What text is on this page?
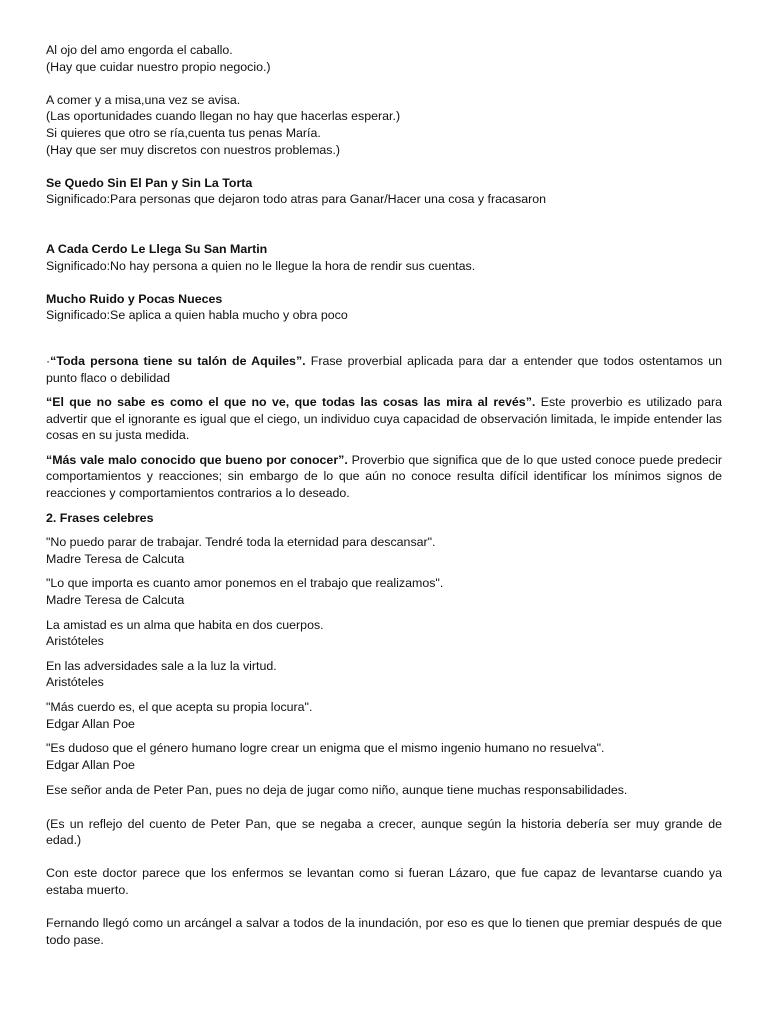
Al ojo del amo engorda el caballo.
(Hay que cuidar nuestro propio negocio.)
A comer y a misa,una vez se avisa.
(Las oportunidades cuando llegan no hay que hacerlas esperar.)
Si quieres que otro se ría,cuenta tus penas María.
(Hay que ser muy discretos con nuestros problemas.)
Se Quedo Sin El Pan y Sin La Torta
Significado:Para personas que dejaron todo atras para Ganar/Hacer una cosa y fracasaron
A Cada Cerdo Le Llega Su San Martin
Significado:No hay persona a quien no le llegue la hora de rendir sus cuentas.
Mucho Ruido y Pocas Nueces
Significado:Se aplica a quien habla mucho y obra poco

·“Toda persona tiene su talón de Aquiles”. Frase proverbial aplicada para dar a entender que todos ostentamos un punto flaco o debilidad

“El que no sabe es como el que no ve, que todas las cosas las mira al revés”. Este proverbio es utilizado para advertir que el ignorante es igual que el ciego, un individuo cuya capacidad de observación limitada, le impide entender las cosas en su justa medida.

“Más vale malo conocido que bueno por conocer”. Proverbio que significa que de lo que usted conoce puede predecir comportamientos y reacciones; sin embargo de lo que aún no conoce resulta difícil identificar los mínimos signos de reacciones y comportamientos contrarios a lo deseado.

2. Frases celebres
"No puedo parar de trabajar. Tendré toda la eternidad para descansar".
Madre Teresa de Calcuta
"Lo que importa es cuanto amor ponemos en el trabajo que realizamos".
Madre Teresa de Calcuta
La amistad es un alma que habita en dos cuerpos.
Aristóteles
En las adversidades sale a la luz la virtud.
Aristóteles
"Más cuerdo es, el que acepta su propia locura".
Edgar Allan Poe
"Es dudoso que el género humano logre crear un enigma que el mismo ingenio humano no resuelva".
Edgar Allan Poe

Ese señor anda de Peter Pan, pues no deja de jugar como niño, aunque tiene muchas responsabilidades.

(Es un reflejo del cuento de Peter Pan, que se negaba a crecer, aunque según la historia debería ser muy grande de edad.)

Con este doctor parece que los enfermos se levantan como si fueran Lázaro, que fue capaz de levantarse cuando ya estaba muerto.

Fernando llegó como un arcángel a salvar a todos de la inundación, por eso es que lo tienen que premiar después de que todo pase.
